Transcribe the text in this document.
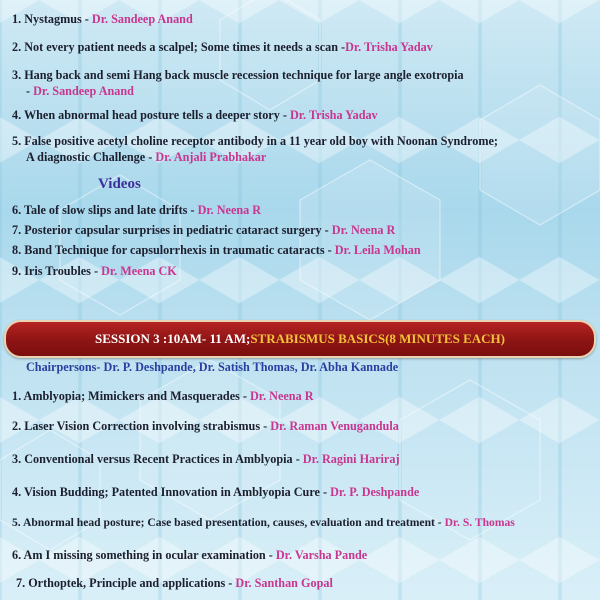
1. Nystagmus - Dr. Sandeep Anand
2. Not every patient needs a scalpel; Some times it needs a scan -Dr. Trisha Yadav
3. Hang back and semi Hang back muscle recession technique for large angle exotropia
- Dr. Sandeep Anand
4. When abnormal head posture tells a deeper story - Dr. Trisha Yadav
5. False positive acetyl choline receptor antibody in a 11 year old boy with Noonan Syndrome;
A diagnostic Challenge - Dr. Anjali Prabhakar
Videos
6. Tale of slow slips and late drifts - Dr. Neena R
7. Posterior capsular surprises in pediatric cataract surgery - Dr. Neena R
8. Band Technique for capsulorrhexis in traumatic cataracts - Dr. Leila Mohan
9. Iris Troubles - Dr. Meena CK
SESSION 3 :10AM- 11 AM; STRABISMUS BASICS (8 MINUTES EACH)
Chairpersons- Dr. P. Deshpande, Dr. Satish Thomas, Dr. Abha Kannade
1. Amblyopia; Mimickers and Masquerades - Dr. Neena R
2. Laser Vision Correction involving strabismus - Dr. Raman Venugandula
3. Conventional versus Recent Practices in Amblyopia - Dr. Ragini Hariraj
4. Vision Budding; Patented Innovation in Amblyopia Cure - Dr. P. Deshpande
5. Abnormal head posture; Case based presentation, causes, evaluation and treatment - Dr. S. Thomas
6. Am I missing something in ocular examination - Dr. Varsha Pande
7. Orthoptek, Principle and applications - Dr. Santhan Gopal
